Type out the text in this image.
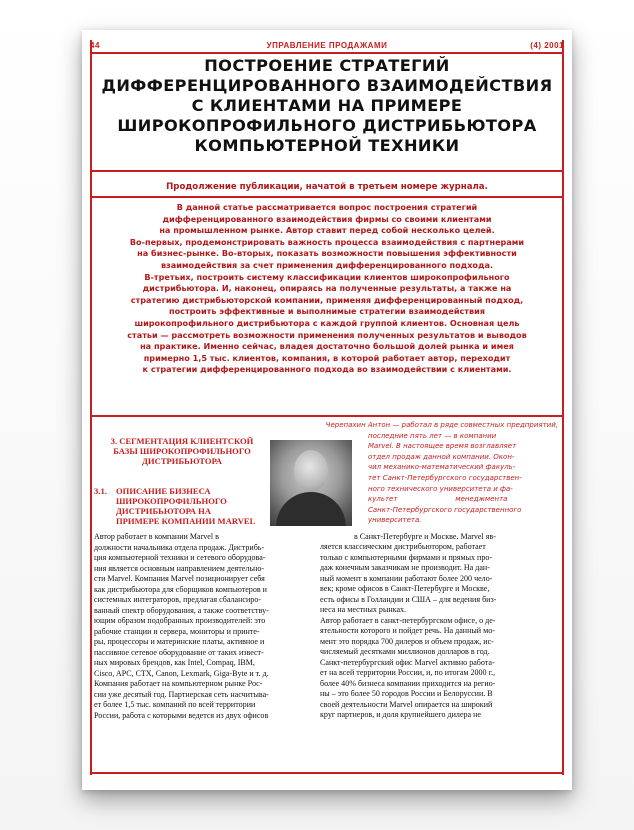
44	УПРАВЛЕНИЕ ПРОДАЖАМИ	(4) 2001
ПОСТРОЕНИЕ СТРАТЕГИЙ
ДИФФЕРЕНЦИРОВАННОГО ВЗАИМОДЕЙСТВИЯ
С КЛИЕНТАМИ НА ПРИМЕРЕ
ШИРОКОПРОФИЛЬНОГО ДИСТРИБЬЮТОРА
КОМПЬЮТЕРНОЙ ТЕХНИКИ
Продолжение публикации, начатой в третьем номере журнала.
В данной статье рассматривается вопрос построения стратегий
дифференцированного взаимодействия фирмы со своими клиентами
на промышленном рынке. Автор ставит перед собой несколько целей.
Во-первых, продемонстрировать важность процесса взаимодействия с партнерами
на бизнес-рынке. Во-вторых, показать возможности повышения эффективности
взаимодействия за счет применения дифференцированного подхода.
В-третьих, построить систему классификации клиентов широкопрофильного
дистрибьютора. И, наконец, опираясь на полученные результаты, а также на
стратегию дистрибьюторской компании, применяя дифференцированный подход,
построить эффективные и выполнимые стратегии взаимодействия
широкопрофильного дистрибьютора с каждой группой клиентов. Основная цель
статьи — рассмотреть возможности применения полученных результатов и выводов
на практике. Именно сейчас, владея достаточно большой долей рынка и имея
примерно 1,5 тыс. клиентов, компания, в которой работает автор, переходит
к стратегии дифференцированного подхода во взаимодействии с клиентами.
Черепахин Антон — работал в ряде совместных предприятий,
последние пять лет — в компании
Marvel. В настоящее время возглавляет
отдел продаж данной компании. Окон-
чил механико-математический факуль-
тет Санкт-Петербургского государствен-
ного технического университета и фа-
культет                          менеджмента
Санкт-Петербургского государственного
университета.
3. СЕГМЕНТАЦИЯ КЛИЕНТСКОЙ
БАЗЫ ШИРОКОПРОФИЛЬНОГО
ДИСТРИБЬЮТОРА
3.1. ОПИСАНИЕ БИЗНЕСА
ШИРОКОПРОФИЛЬНОГО
ДИСТРИБЬЮТОРА НА
ПРИМЕРЕ КОМПАНИИ MARVEL
Автор работает в компании Marvel в
должности начальника отдела продаж. Дистрибь-
ция компьютерной техники и сетевого оборудова-
ния является основным направлением деятельно-
сти Marvel. Компания Marvel позиционирует себя
как дистрибьютора для сборщиков компьютеров и
системных интеграторов, предлагая сбалансиро-
ванный спектр оборудования, а также соответству-
ющим образом подобранных производителей: это
рабочие станции и сервера, мониторы и принте-
ры, процессоры и материнские платы, активное и
пассивное сетевое оборудование от таких извест-
ных мировых брендов, как Intel, Compaq, IBM,
Cisco, APC, CTX, Canon, Lexmark, Giga-Byte и т. д.
Компания работает на компьютерном рынке Рос-
сии уже десятый год. Партнерская сеть насчитыва-
ет более 1,5 тыс. компаний по всей территории
России, работа с которыми ведется из двух офисов
в Санкт-Петербурге и Москве. Marvel яв-
ляется классическим дистрибьютором, работает
только с компьютерными фирмами и прямых про-
даж конечным заказчикам не производит. На дан-
ный момент в компании работают более 200 чело-
век; кроме офисов в Санкт-Петербурге и Москве,
есть офисы в Голландии и США – для ведения биз-
неса на местных рынках.
Автор работает в санкт-петербургском офисе, о де-
ятельности которого и пойдет речь. На данный мо-
мент это порядка 700 дилеров и объем продаж, ис-
числяемый десятками миллионов долларов в год.
Санкт-петербургский офис Marvel активно работа-
ет на всей территории России, и, по итогам 2000 г.,
более 40% бизнеса компании приходится на регио-
ны – это более 50 городов России и Белоруссии. В
своей деятельности Marvel опирается на широкий
круг партнеров, и доля крупнейшего дилера не
